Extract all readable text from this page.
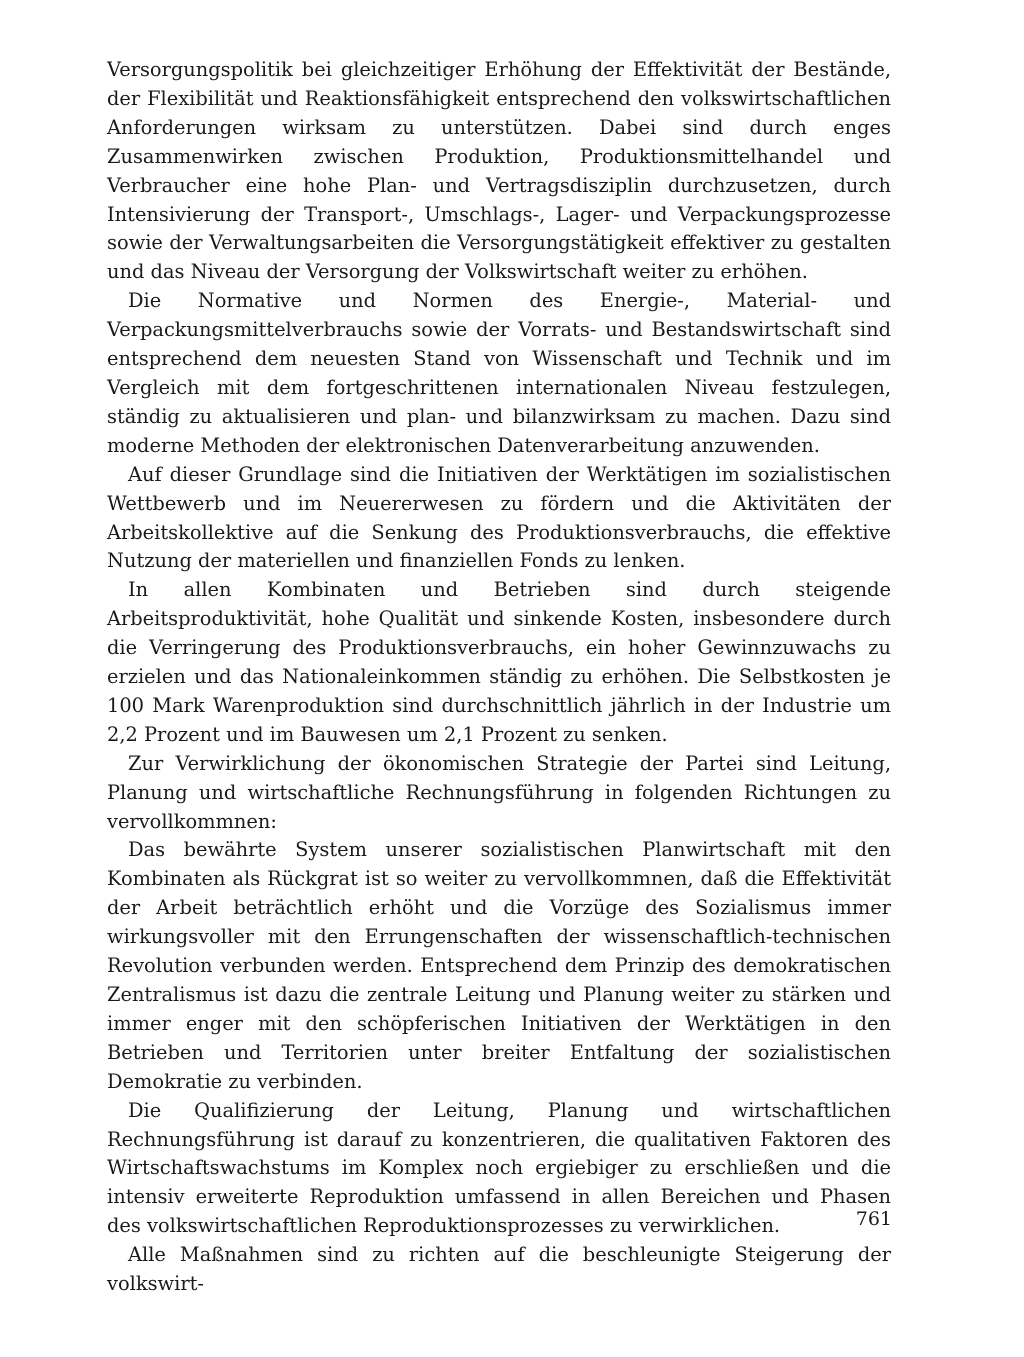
Versorgungspolitik bei gleichzeitiger Erhöhung der Effektivität der Bestände, der Flexibilität und Reaktionsfähigkeit entsprechend den volkswirtschaftlichen Anforderungen wirksam zu unterstützen. Dabei sind durch enges Zusammenwirken zwischen Produktion, Produktionsmittelhandel und Verbraucher eine hohe Plan- und Vertragsdisziplin durchzusetzen, durch Intensivierung der Transport-, Umschlags-, Lager- und Verpackungsprozesse sowie der Verwaltungsarbeiten die Versorgungstätigkeit effektiver zu gestalten und das Niveau der Versorgung der Volkswirtschaft weiter zu erhöhen.

Die Normative und Normen des Energie-, Material- und Verpackungsmittelverbrauchs sowie der Vorrats- und Bestandswirtschaft sind entsprechend dem neuesten Stand von Wissenschaft und Technik und im Vergleich mit dem fortgeschrittenen internationalen Niveau festzulegen, ständig zu aktualisieren und plan- und bilanzwirksam zu machen. Dazu sind moderne Methoden der elektronischen Datenverarbeitung anzuwenden.

Auf dieser Grundlage sind die Initiativen der Werktätigen im sozialistischen Wettbewerb und im Neuererwesen zu fördern und die Aktivitäten der Arbeitskollektive auf die Senkung des Produktionsverbrauchs, die effektive Nutzung der materiellen und finanziellen Fonds zu lenken.

In allen Kombinaten und Betrieben sind durch steigende Arbeitsproduktivität, hohe Qualität und sinkende Kosten, insbesondere durch die Verringerung des Produktionsverbrauchs, ein hoher Gewinnzuwachs zu erzielen und das Nationaleinkommen ständig zu erhöhen. Die Selbstkosten je 100 Mark Warenproduktion sind durchschnittlich jährlich in der Industrie um 2,2 Prozent und im Bauwesen um 2,1 Prozent zu senken.

Zur Verwirklichung der ökonomischen Strategie der Partei sind Leitung, Planung und wirtschaftliche Rechnungsführung in folgenden Richtungen zu vervollkommnen:

Das bewährte System unserer sozialistischen Planwirtschaft mit den Kombinaten als Rückgrat ist so weiter zu vervollkommnen, daß die Effektivität der Arbeit beträchtlich erhöht und die Vorzüge des Sozialismus immer wirkungsvoller mit den Errungenschaften der wissenschaftlich-technischen Revolution verbunden werden. Entsprechend dem Prinzip des demokratischen Zentralismus ist dazu die zentrale Leitung und Planung weiter zu stärken und immer enger mit den schöpferischen Initiativen der Werktätigen in den Betrieben und Territorien unter breiter Entfaltung der sozialistischen Demokratie zu verbinden.

Die Qualifizierung der Leitung, Planung und wirtschaftlichen Rechnungsführung ist darauf zu konzentrieren, die qualitativen Faktoren des Wirtschaftswachstums im Komplex noch ergiebiger zu erschließen und die intensiv erweiterte Reproduktion umfassend in allen Bereichen und Phasen des volkswirtschaftlichen Reproduktionsprozesses zu verwirklichen.

Alle Maßnahmen sind zu richten auf die beschleunigte Steigerung der volkswirt-

761
